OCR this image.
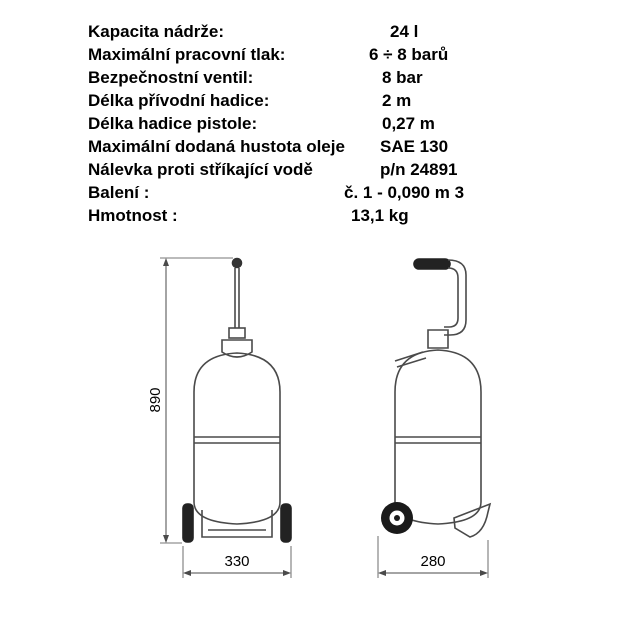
Kapacita nádrže:	24 l
Maximální pracovní tlak:	6 ÷ 8 barů
Bezpečnostní ventil:	8 bar
Délka přívodní hadice:	2 m
Délka hadice pistole:	0,27 m
Maximální dodaná hustota oleje SAE 130
Nálevka proti stříkající vodě	p/n 24891
Balení :	č. 1 - 0,090 m 3
Hmotnost :	13,1 kg
890
330	280
